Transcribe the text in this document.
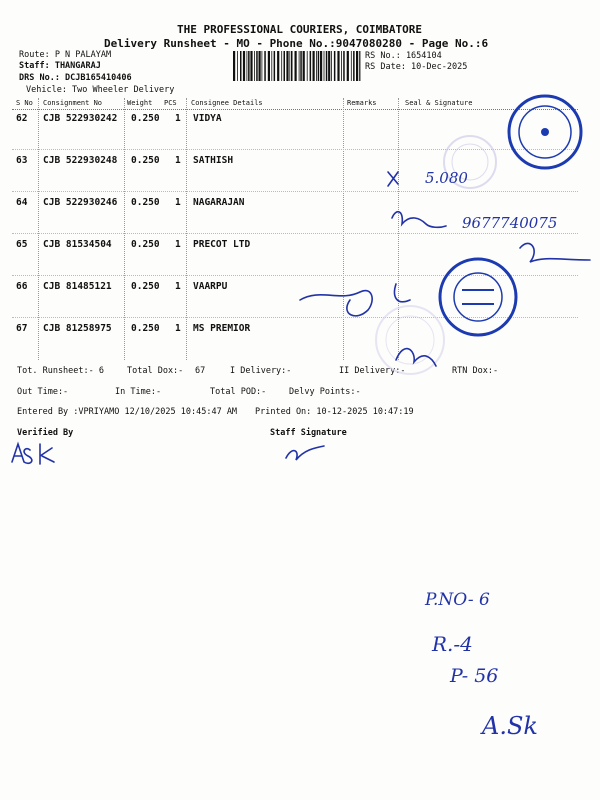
THE PROFESSIONAL COURIERS, COIMBATORE
Delivery Runsheet - MO - Phone No.:9047080280 - Page No.:6
Route: P N PALAYAM
Staff: THANGARAJ
DRS No.: DCJB165410406
Vehicle: Two Wheeler Delivery
RS No.: 1654104
RS Date: 10-Dec-2025
S No Consignment No	Weight PCS Consignee Details	Remarks	Seal & Signature
62 CJB 522930242 0.250 1 VIDYA
63 CJB 522930248 0.250 1 SATHISH
64 CJB 522930246 0.250 1 NAGARAJAN
65 CJB 81534504 0.250 1 PRECOT LTD
66 CJB 81485121 0.250 1 VAARPU
67 CJB 81258975 0.250 1 MS PREMIOR
Tot. Runsheet:- 6	Total Dox:- 67	I Delivery:-	II Delivery:-	RTN Dox:-
Out Time:-	In Time:-	Total POD:-	Delvy Points:-
Entered By :VPRIYAMO 12/10/2025 10:45:47 AM Printed On: 10-12-2025 10:47:19
Verified By	Staff Signature
5.080
9677740075
P.NO- 6
R.-4
P- 56
A.Sk
